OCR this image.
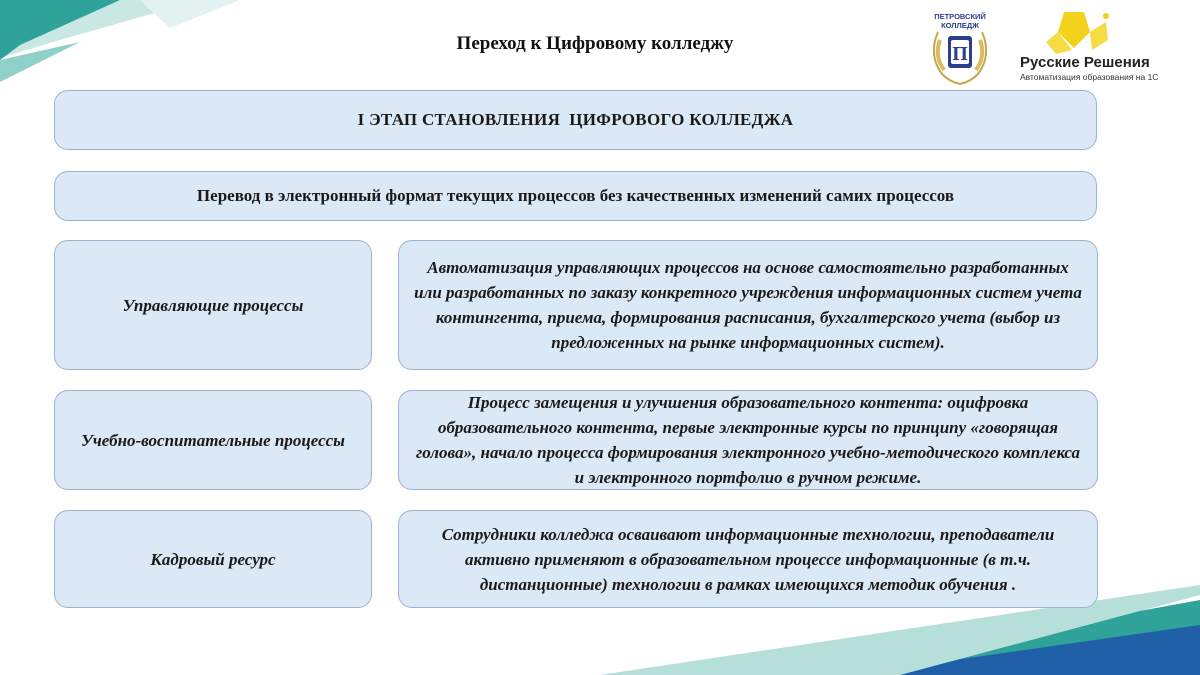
Переход к Цифровому колледжу	П
ПЕТРОВСКИЙ
КОЛЛЕДЖ
Русские Решения
Автоматизация образования на 1С
I ЭТАП СТАНОВЛЕНИЯ  ЦИФРОВОГО КОЛЛЕДЖА
Перевод в электронный формат текущих процессов без качественных изменений самих процессов
Управляющие процессы
Автоматизация управляющих процессов на основе самостоятельно разработанных или разработанных по заказу конкретного учреждения информационных систем учета контингента, приема, формирования расписания, бухгалтерского учета (выбор из предложенных на рынке информационных систем).
Учебно-воспитательные процессы
Процесс замещения и улучшения образовательного контента: оцифровка образовательного контента, первые электронные курсы по принципу «говорящая голова», начало процесса формирования электронного учебно-методического комплекса и электронного портфолио в ручном режиме.
Кадровый ресурс
Сотрудники колледжа осваивают информационные технологии, преподаватели активно применяют в образовательном процессе информационные (в т.ч. дистанционные) технологии в рамках имеющихся методик обучения .
